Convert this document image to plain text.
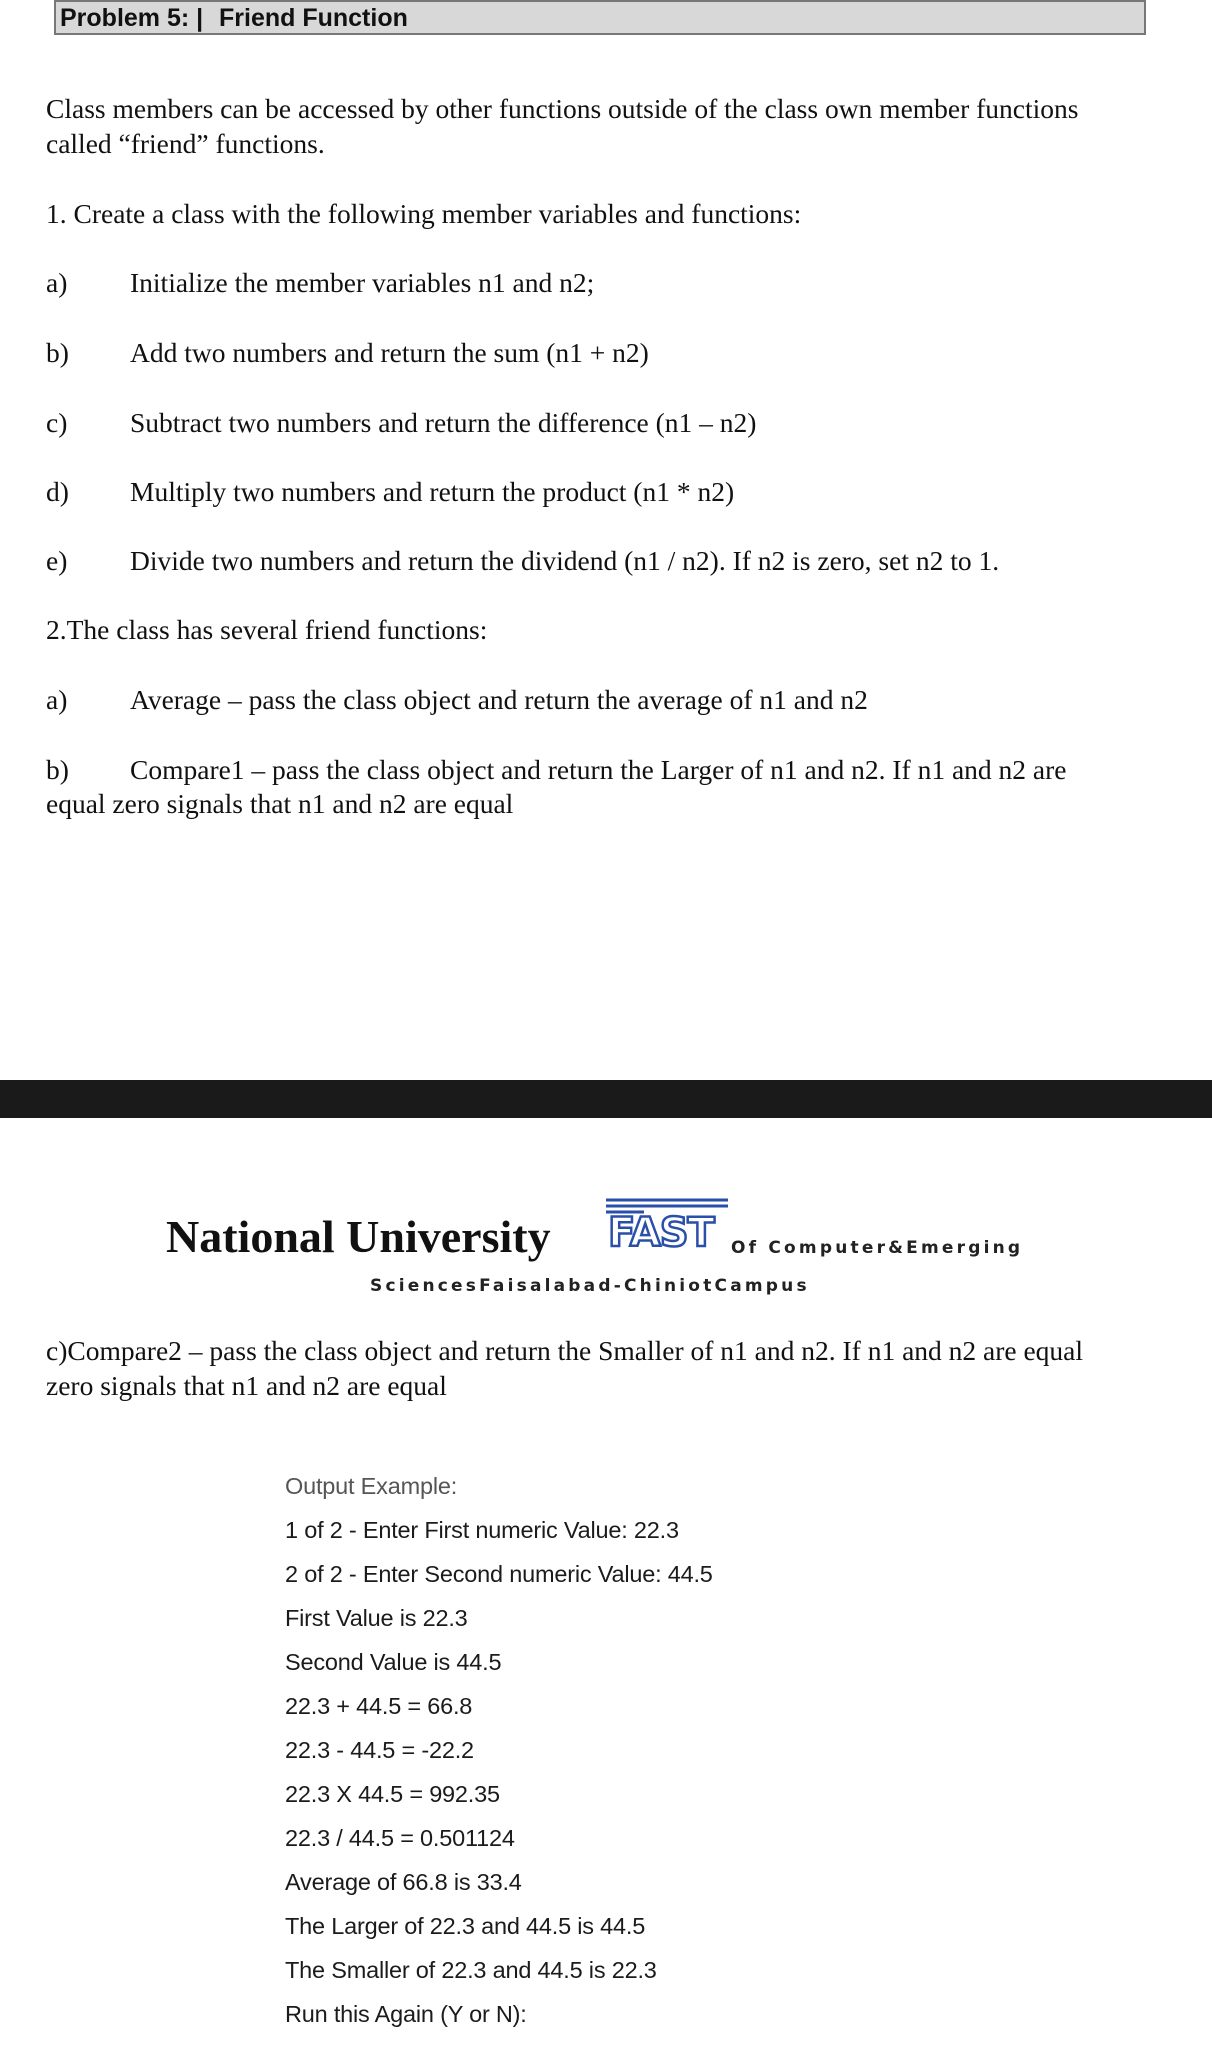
Problem 5: | Friend Function
Class members can be accessed by other functions outside of the class own member functions
called “friend” functions.
1. Create a class with the following member variables and functions:
a) Initialize the member variables n1 and n2;
b) Add two numbers and return the sum (n1 + n2)
c) Subtract two numbers and return the difference (n1 – n2)
d) Multiply two numbers and return the product (n1 * n2)
e) Divide two numbers and return the dividend (n1 / n2). If n2 is zero, set n2 to 1.
2.The class has several friend functions:
a) Average – pass the class object and return the average of n1 and n2
b) Compare1 – pass the class object and return the Larger of n1 and n2. If n1 and n2 are
equal zero signals that n1 and n2 are equal
National University FAST Of Computer&Emerging
SciencesFaisalabad-ChiniotCampus
c)Compare2 – pass the class object and return the Smaller of n1 and n2. If n1 and n2 are equal
zero signals that n1 and n2 are equal
Output Example:
1 of 2 - Enter First numeric Value: 22.3
2 of 2 - Enter Second numeric Value: 44.5
First Value is 22.3
Second Value is 44.5
22.3 + 44.5 = 66.8
22.3 - 44.5 = -22.2
22.3 X 44.5 = 992.35
22.3 / 44.5 = 0.501124
Average of 66.8 is 33.4
The Larger of 22.3 and 44.5 is 44.5
The Smaller of 22.3 and 44.5 is 22.3
Run this Again (Y or N):
